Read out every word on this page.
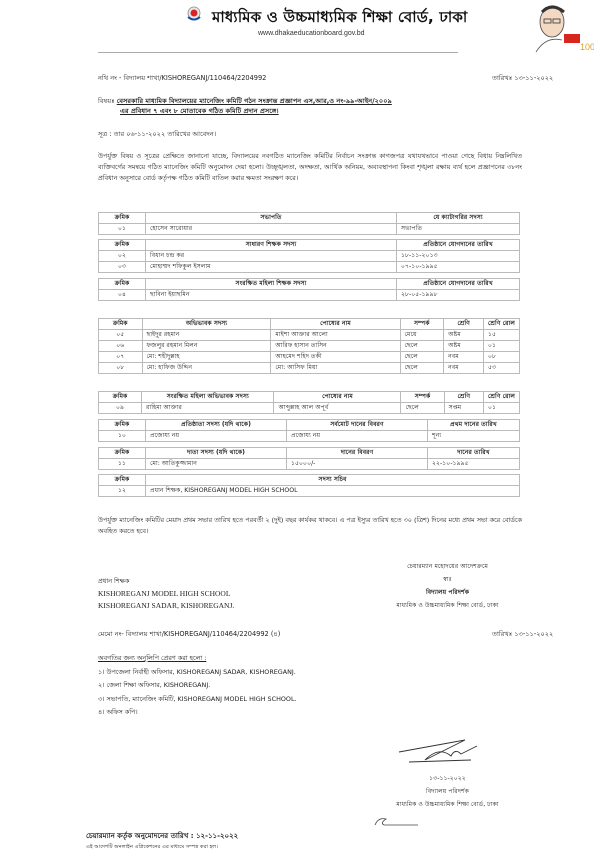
মাধ্যমিক ও উচ্চমাধ্যমিক শিক্ষা বোর্ড, ঢাকা
www.dhakaeducationboard.gov.bd
100
নথি নং - বিদ্যালয় শাখা/KISHOREGANJ/110464/2204992	তারিখঃ ১৩-১১-২০২২
বিষয়ঃ বেসরকারি মাধ্যমিক বিদ্যালয়ের ম্যানেজিং কমিটি গঠন সংক্রান্ত প্রজ্ঞাপন এস,আর,ও নং-৯৯-আইন/২০০৯
এর প্রবিধান ৭ এবং ৮ মোতাবেক গঠিত কমিটি প্রদান প্রসঙ্গে।
সূত্র : তার ০৬-১১-২০২২ তারিখের আবেদন।
উপর্যুক্ত বিষয় ও সূত্রের প্রেক্ষিতে জানানো যাচ্ছে, বিদ্যালয়ের নবগঠিত ম্যানেজিং কমিটির নির্বাচন সংক্রান্ত কাগজপত্র যথাযথভাবে পাওয়া গেছে বিধায় নিম্নলিখিত ব্যক্তিবর্গের সমন্বয়ে গঠিত ম্যানেজিং কমিটি অনুমোদন দেয়া হলো। উচ্ছৃঙ্খলতা, অদক্ষতা, আর্থিক অনিয়ম, অব্যবস্থাপনা কিংবা শৃঙ্খলা রক্ষায় ব্যর্থ হলে প্রজ্ঞাপনের ৩৮নং প্রবিধান অনুসারে বোর্ড কর্তৃপক্ষ গঠিত কমিটি বাতিল করার ক্ষমতা সংরক্ষণ করে।
ক্রমিক	সভাপতি	যে ক্যাটাগরির সদস্য
০১	হোসেন সারোয়ার	সভাপতি
ক্রমিক	সাধারণ শিক্ষক সদস্য	প্রতিষ্ঠানে যোগদানের তারিখ
০২	বিধান চন্দ্র কর	১৮-১১-২০১৩
০৩	মোহাম্মদ শফিকুল ইসলাম	০৭-১০-১৯৯৫
ক্রমিক	সংরক্ষিত মহিলা শিক্ষক সদস্য	প্রতিষ্ঠানে যোগদানের তারিখ
০৪	ছাবিনা ইয়াছমিন	২৮-০৫-১৯৯৮
ক্রমিক	অভিভাবক সদস্য	পোষ্যের নাম	সম্পর্ক	শ্রেণি	শ্রেণি রোল
০৫	ছাইদুর রহমান	মাইশা আক্তার আলো	মেয়ে	অষ্টম	১৫
০৬	ফজলুর রহমান মিলন	আরিফ হাসান তাসিন	ছেলে	অষ্টম	০১
০৭	মো: শহীদুল্লাহ	আহমেদ শহিদ তকী	ছেলে	নবম	০৮
০৮	মো: হাফিজ উদ্দিন	মো: আসিফ মিয়া	ছেলে	নবম	৫৩
ক্রমিক	সংরক্ষিত মহিলা অভিভাবক সদস্য	পোষ্যের নাম	সম্পর্ক	শ্রেণি	শ্রেণি রোল
০৯	রাহিমা আক্তার	আব্দুল্লাহ আল অপূর্ব	ছেলে	সপ্তম	০১
ক্রমিক	প্রতিষ্ঠাতা সদস্য (যদি থাকে)	সর্বমোট দানের বিবরণ	প্রথম দানের তারিখ
১০	প্রজোয্য নয়	প্রজোয্য নয়	শূন্য
ক্রমিক	দাতা সদস্য (যদি থাকে)	দানের বিবরণ	দানের তারিখ
১১	মো: আতিকুজ্জামান	১৫০০০/-	২২-১০-১৯৯৫
ক্রমিক	সদস্য সচিব
১২	প্রধান শিক্ষক, KISHOREGANJ MODEL HIGH SCHOOL
উপর্যুক্ত ম্যানেজিং কমিটির মেয়াদ প্রথম সভার তারিখ হতে পরবর্তী ২ (দুই) বছর কার্যকর থাকবে। এ পত্র ইস্যুর তারিখ হতে ৩০ (ত্রিশ) দিনের মধ্যে প্রথম সভা করে বোর্ডকে অবহিত করতে হবে।
প্রধান শিক্ষক
KISHOREGANJ MODEL HIGH SCHOOL
KISHOREGANJ SADAR, KISHOREGANJ.
চেয়ারম্যান মহোদয়ের আদেশক্রমে
স্বাঃ
বিদ্যালয় পরিদর্শক
মাধ্যমিক ও উচ্চমাধ্যমিক শিক্ষা বোর্ড, ঢাকা
মেমো নং- বিদ্যালয় শাখা/KISHOREGANJ/110464/2204992 (৪)	তারিখঃ ১৩-১১-২০২২
অবগতির জন্য অনুলিপি প্রেরণ করা হলো :
১। উপজেলা নির্বাহী অফিসার, KISHOREGANJ SADAR, KISHOREGANJ.
২। জেলা শিক্ষা অফিসার, KISHOREGANJ.
৩। সভাপতি, ম্যানেজিং কমিটি, KISHOREGANJ MODEL HIGH SCHOOL.
৪। অফিস কপি।
১৩-১১-২০২২
বিদ্যালয় পরিদর্শক
মাধ্যমিক ও উচ্চমাধ্যমিক শিক্ষা বোর্ড, ঢাকা
চেয়ারম্যান কর্তৃক অনুমোদনের তারিখ : ১২-১১-২০২২
এই আদেশটি অনলাইন এপ্লিকেশনের এর মাধ্যমে সম্পন্ন করা হল।
